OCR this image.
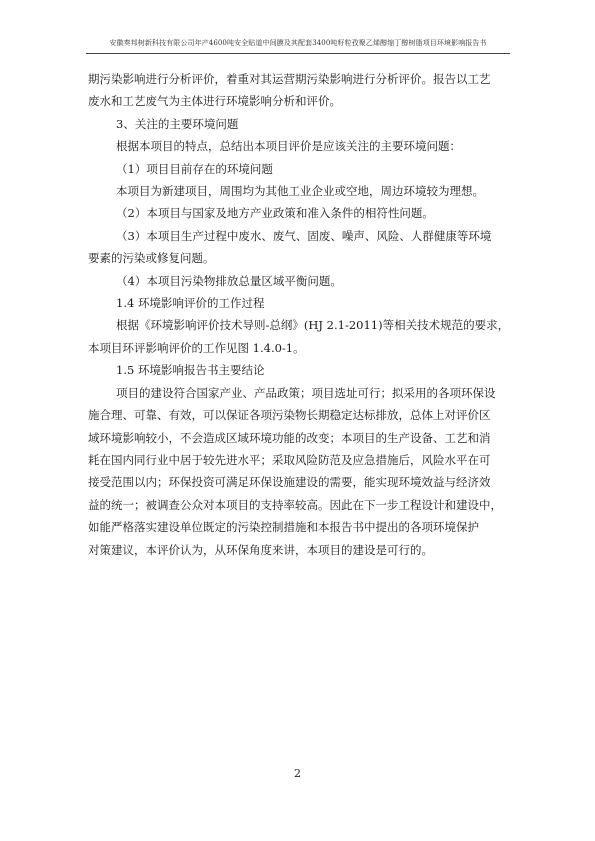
安徽奏邦树新科技有限公司年产4600吨安全贴道中间膜及其配套3400吨籽粒孜聚乙烯醇缩丁醇树脂项目环境影响报告书
期污染影响进行分析评价，着重对其运营期污染影响进行分析评价。报告以工艺
废水和工艺废气为主体进行环境影响分析和评价。
3、关注的主要环境问题
根据本项目的特点，总结出本项目评价是应该关注的主要环境问题：
（1）项目目前存在的环境问题
本项目为新建项目，周围均为其他工业企业或空地，周边环境较为理想。
（2）本项目与国家及地方产业政策和准入条件的相符性问题。
（3）本项目生产过程中废水、废气、固废、噪声、风险、人群健康等环境
要素的污染或修复问题。
（4）本项目污染物排放总量区域平衡问题。
1.4 环境影响评价的工作过程
根据《环境影响评价技术导则-总纲》(HJ 2.1-2011)等相关技术规范的要求，
本项目环评影响评价的工作见图 1.4.0-1。
1.5 环境影响报告书主要结论
项目的建设符合国家产业、产品政策；项目选址可行；拟采用的各项环保设
施合理、可靠、有效，可以保证各项污染物长期稳定达标排放，总体上对评价区
域环境影响较小，不会造成区域环境功能的改变；本项目的生产设备、工艺和消
耗在国内同行业中居于较先进水平；采取风险防范及应急措施后，风险水平在可
接受范围以内；环保投资可满足环保设施建设的需要，能实现环境效益与经济效
益的统一；被调查公众对本项目的支持率较高。因此在下一步工程设计和建设中，
如能严格落实建设单位既定的污染控制措施和本报告书中提出的各项环境保护
对策建议，本评价认为，从环保角度来讲，本项目的建设是可行的。
2
